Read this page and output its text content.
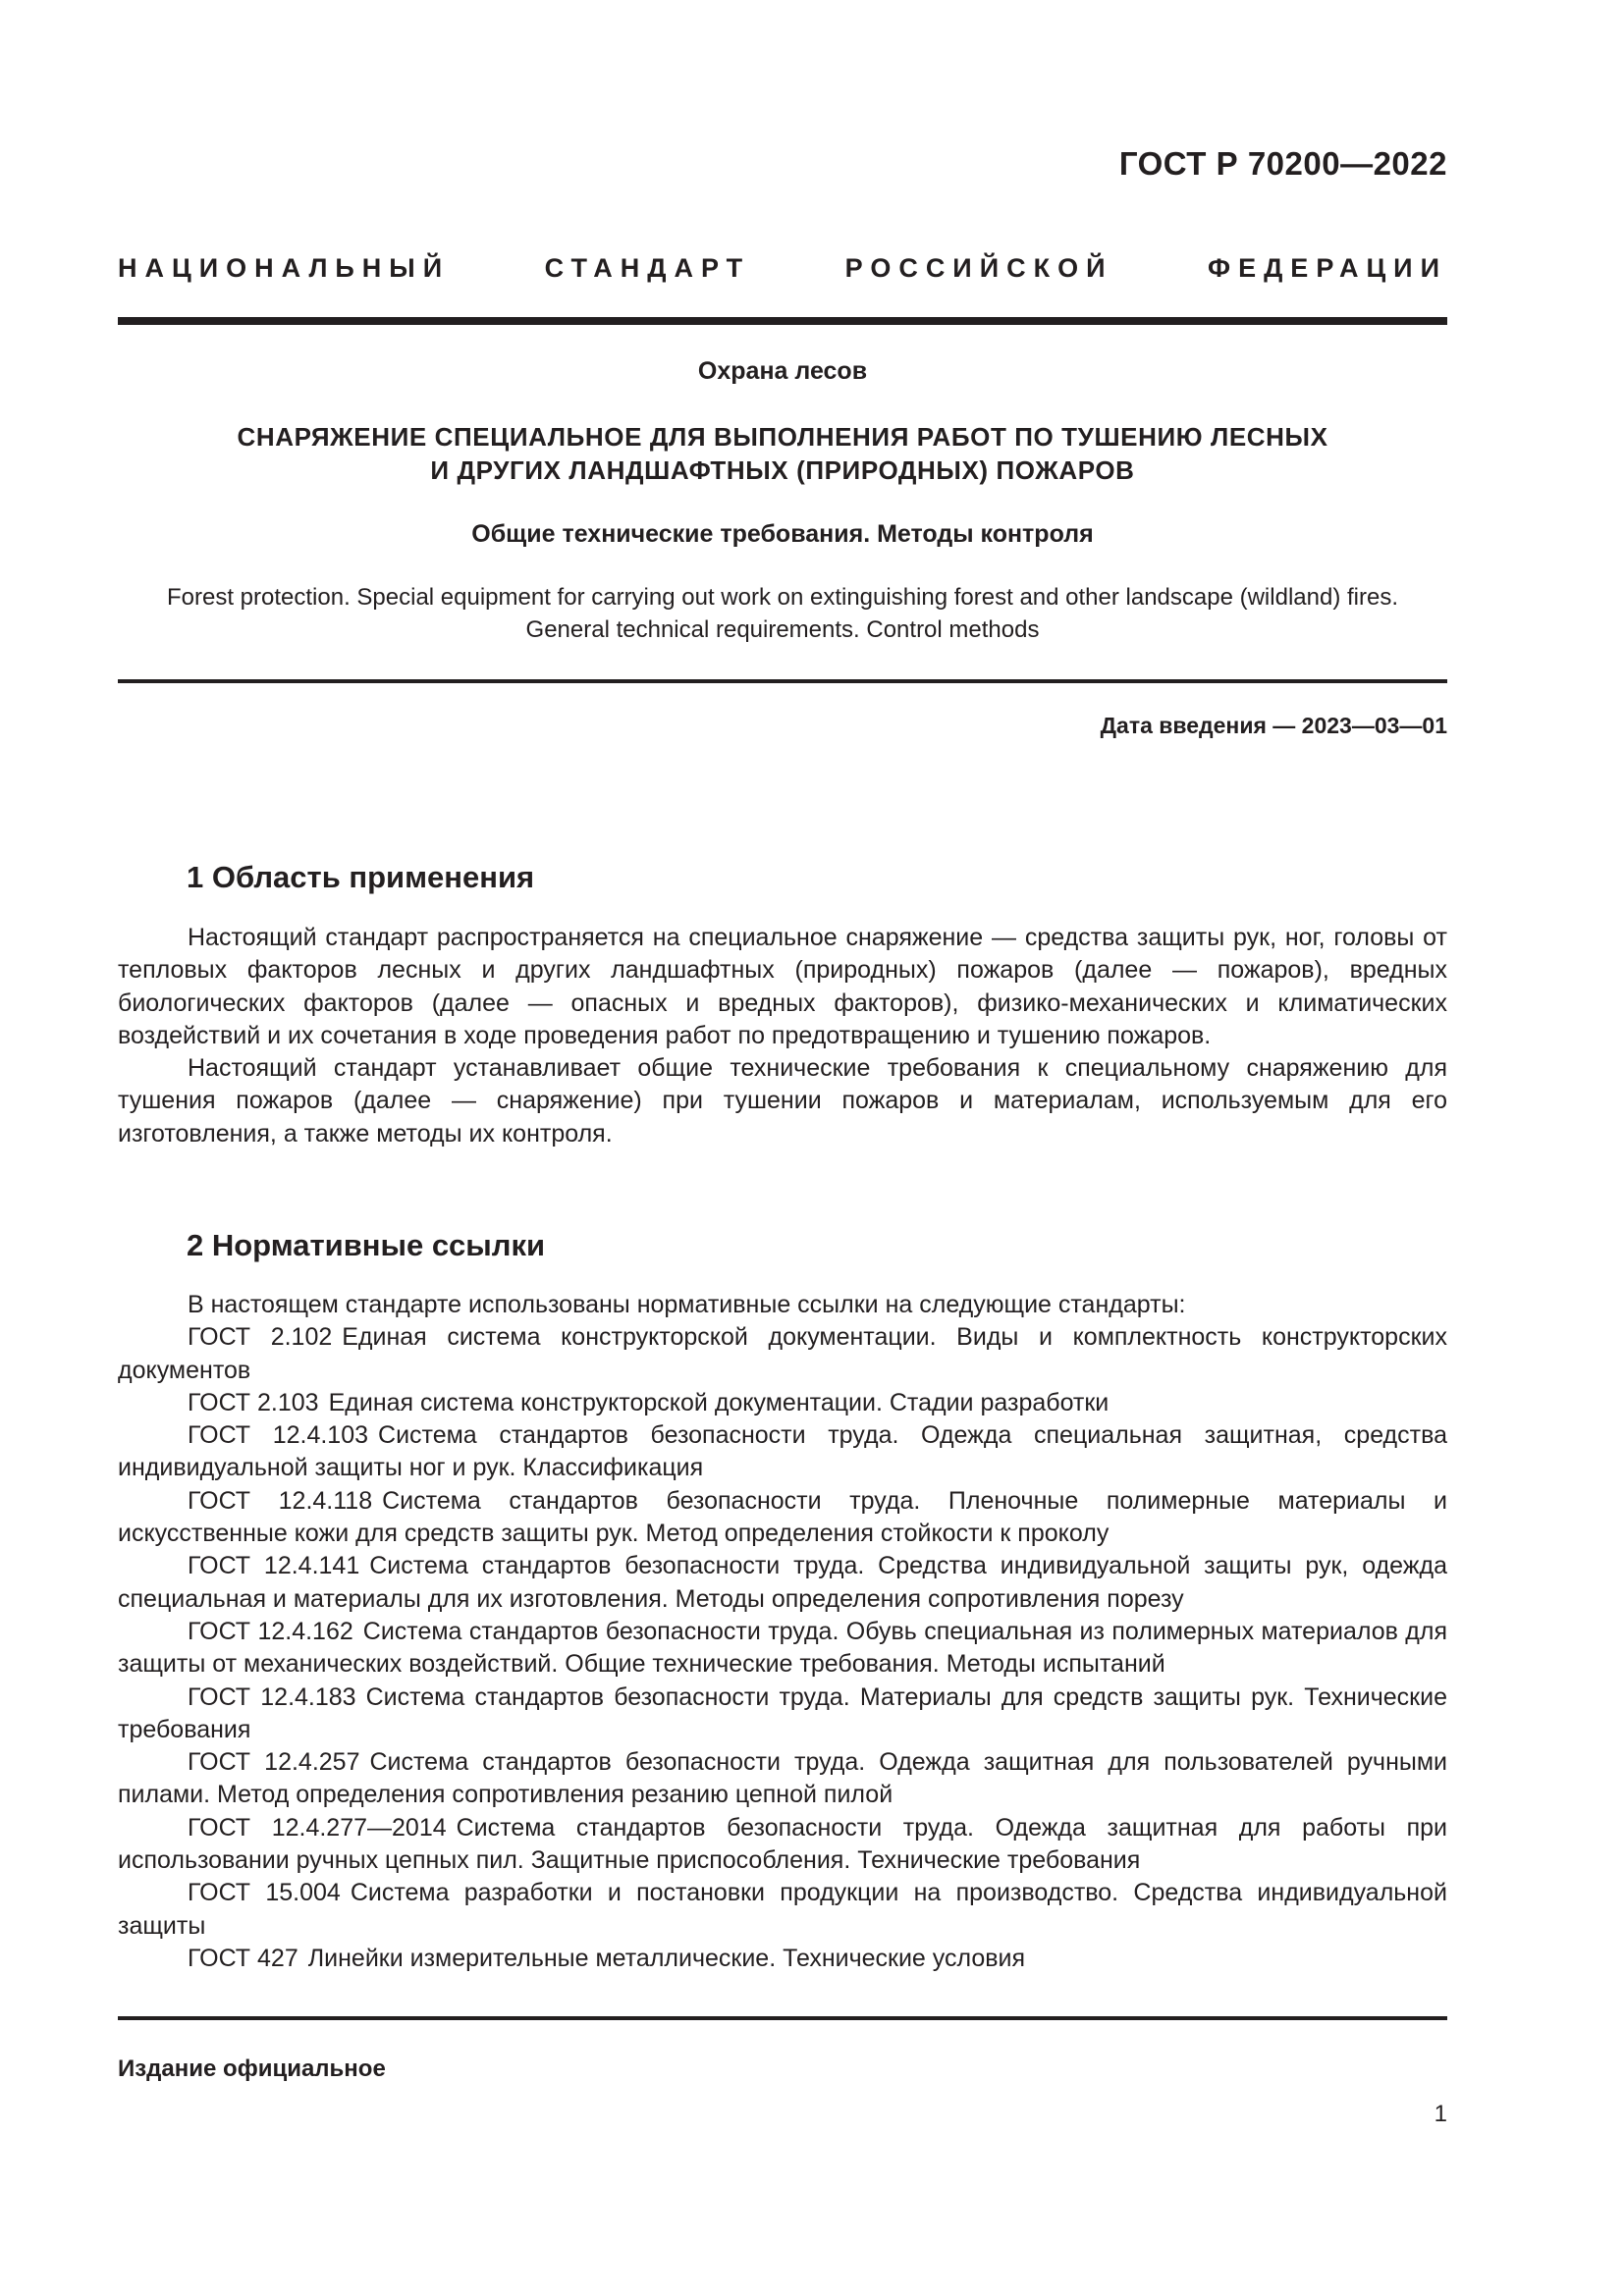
ГОСТ Р 70200—2022
НАЦИОНАЛЬНЫЙ СТАНДАРТ РОССИЙСКОЙ ФЕДЕРАЦИИ
Охрана лесов
СНАРЯЖЕНИЕ СПЕЦИАЛЬНОЕ ДЛЯ ВЫПОЛНЕНИЯ РАБОТ ПО ТУШЕНИЮ ЛЕСНЫХ
И ДРУГИХ ЛАНДШАФТНЫХ (ПРИРОДНЫХ) ПОЖАРОВ
Общие технические требования. Методы контроля
Forest protection. Special equipment for carrying out work on extinguishing forest and other landscape (wildland) fires.
General technical requirements. Control methods
Дата введения — 2023—03—01
1 Область применения

Настоящий стандарт распространяется на специальное снаряжение — средства защиты рук, ног, головы от тепловых факторов лесных и других ландшафтных (природных) пожаров (далее — пожаров), вредных биологических факторов (далее — опасных и вредных факторов), физико-механических и климатических воздействий и их сочетания в ходе проведения работ по предотвращению и тушению пожаров.

Настоящий стандарт устанавливает общие технические требования к специальному снаряжению для тушения пожаров (далее — снаряжение) при тушении пожаров и материалам, используемым для его изготовления, а также методы их контроля.

2 Нормативные ссылки

В настоящем стандарте использованы нормативные ссылки на следующие стандарты:

ГОСТ 2.102 Единая система конструкторской документации. Виды и комплектность конструкторских документов
ГОСТ 2.103 Единая система конструкторской документации. Стадии разработки
ГОСТ 12.4.103 Система стандартов безопасности труда. Одежда специальная защитная, средства индивидуальной защиты ног и рук. Классификация
ГОСТ 12.4.118 Система стандартов безопасности труда. Пленочные полимерные материалы и искусственные кожи для средств защиты рук. Метод определения стойкости к проколу
ГОСТ 12.4.141 Система стандартов безопасности труда. Средства индивидуальной защиты рук, одежда специальная и материалы для их изготовления. Методы определения сопротивления порезу
ГОСТ 12.4.162 Система стандартов безопасности труда. Обувь специальная из полимерных материалов для защиты от механических воздействий. Общие технические требования. Методы испытаний
ГОСТ 12.4.183 Система стандартов безопасности труда. Материалы для средств защиты рук. Технические требования
ГОСТ 12.4.257 Система стандартов безопасности труда. Одежда защитная для пользователей ручными пилами. Метод определения сопротивления резанию цепной пилой
ГОСТ 12.4.277—2014 Система стандартов безопасности труда. Одежда защитная для работы при использовании ручных цепных пил. Защитные приспособления. Технические требования
ГОСТ 15.004 Система разработки и постановки продукции на производство. Средства индивидуальной защиты
ГОСТ 427 Линейки измерительные металлические. Технические условия
Издание официальное
1
